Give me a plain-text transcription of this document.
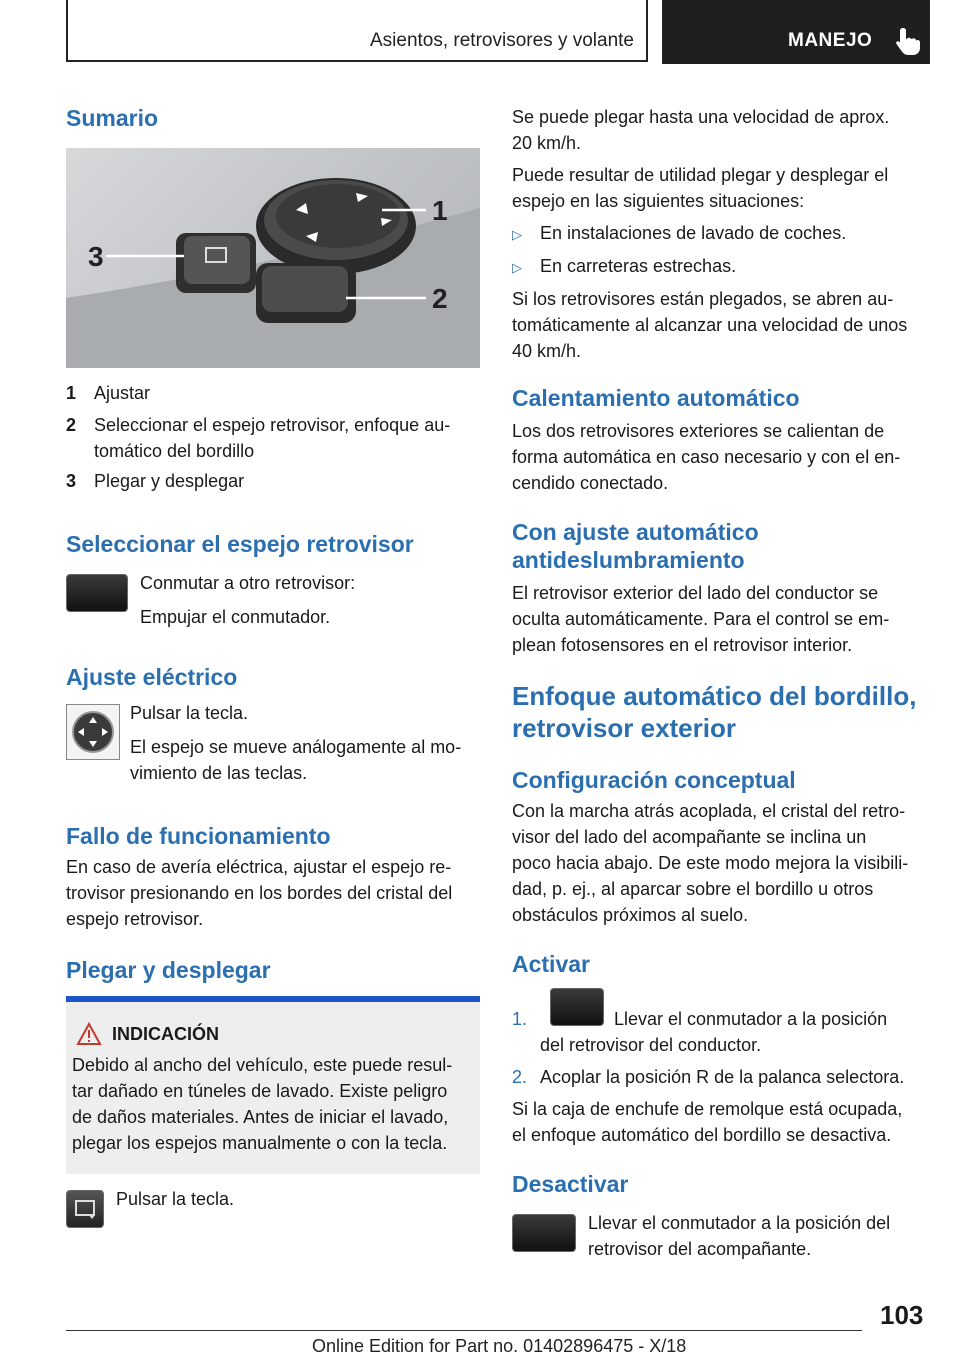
Asientos, retrovisores y volante	MANEJO
Sumario
3
1
2
1 Ajustar
2 Seleccionar el espejo retrovisor, enfoque au-
tomático del bordillo
3 Plegar y desplegar
Seleccionar el espejo retrovisor
Conmutar a otro retrovisor:
Empujar el conmutador.
Ajuste eléctrico
Pulsar la tecla.
El espejo se mueve análogamente al mo-
vimiento de las teclas.
Fallo de funcionamiento
En caso de avería eléctrica, ajustar el espejo re-
trovisor presionando en los bordes del cristal del
espejo retrovisor.
Plegar y desplegar
INDICACIÓN
Debido al ancho del vehículo, este puede resul-
tar dañado en túneles de lavado. Existe peligro
de daños materiales. Antes de iniciar el lavado,
plegar los espejos manualmente o con la tecla.
Pulsar la tecla.
Se puede plegar hasta una velocidad de aprox.
20 km/h.
Puede resultar de utilidad plegar y desplegar el
espejo en las siguientes situaciones:
▷ En instalaciones de lavado de coches.
▷ En carreteras estrechas.
Si los retrovisores están plegados, se abren au-
tomáticamente al alcanzar una velocidad de unos
40 km/h.
Calentamiento automático
Los dos retrovisores exteriores se calientan de
forma automática en caso necesario y con el en-
cendido conectado.
Con ajuste automático
antideslumbramiento
El retrovisor exterior del lado del conductor se
oculta automáticamente. Para el control se em-
plean fotosensores en el retrovisor interior.
Enfoque automático del bordillo,
retrovisor exterior
Configuración conceptual
Con la marcha atrás acoplada, el cristal del retro-
visor del lado del acompañante se inclina un
poco hacia abajo. De este modo mejora la visibili-
dad, p. ej., al aparcar sobre el bordillo u otros
obstáculos próximos al suelo.
Activar
1.	Llevar el conmutador a la posición
del retrovisor del conductor.
2. Acoplar la posición R de la palanca selectora.
Si la caja de enchufe de remolque está ocupada,
el enfoque automático del bordillo se desactiva.
Desactivar
Llevar el conmutador a la posición del
retrovisor del acompañante.
103
Online Edition for Part no. 01402896475 - X/18
